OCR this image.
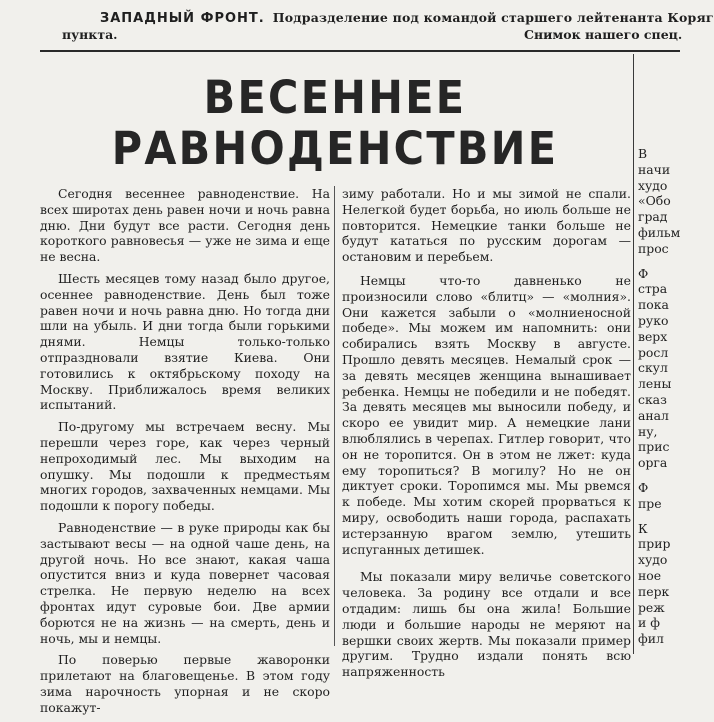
ЗАПАДНЫЙ ФРОНТ. Подразделение под командой старшего лейтенанта Коряг
пункта.	Снимок нашего спец.
ВЕСЕННЕЕ
РАВНОДЕНСТВИЕ

Сегодня весеннее равноденствие. На всех широтах день равен ночи и ночь равна дню. Дни будут все расти. Сегодня день короткого равновесья — уже не зима и еще не весна.

Шесть месяцев тому назад было другое, осеннее равноденствие. День был тоже равен ночи и ночь равна дню. Но тогда дни шли на убыль. И дни тогда были горькими днями. Немцы только-только отпраздновали взятие Киева. Они готовились к октябрьскому походу на Москву. Приближалось время великих испытаний.

По-другому мы встречаем весну. Мы перешли через горе, как через черный непроходимый лес. Мы выходим на опушку. Мы подошли к предместьям многих городов, захваченных немцами. Мы подошли к порогу победы.

Равноденствие — в руке природы как бы застывают весы — на одной чаше день, на другой ночь. Но все знают, какая чаша опустится вниз и куда повернет часовая стрелка. Не первую неделю на всех фронтах идут суровые бои. Две армии борются не на жизнь — на смерть, день и ночь, мы и немцы.

По поверью первые жаворонки прилетают на благовещенье. В этом году зима нарочность упорная и не скоро покажут-

зиму работали. Но и мы зимой не спали. Нелегкой будет борьба, но июль больше не повторится. Немецкие танки больше не будут кататься по русским дорогам — остановим и перебьем.

Немцы что-то давненько не произносили слово «блитц» — «молния». Они кажется забыли о «молниеносной победе». Мы можем им напомнить: они собирались взять Москву в августе. Прошло девять месяцев. Немалый срок — за девять месяцев женщина вынашивает ребенка. Немцы не победили и не победят. За девять месяцев мы выносили победу, и скоро ее увидит мир. А немецкие лани влюблялись в черепах. Гитлер говорит, что он не торопится. Он в этом не лжет: куда ему торопиться? В могилу? Но не он диктует сроки. Торопимся мы. Мы рвемся к победе. Мы хотим скорей прорваться к миру, освободить наши города, распахать истерзанную врагом землю, утешить испуганных детишек.

Мы показали миру величье советского человека. За родину все отдали и все отдадим: лишь бы она жила! Большие люди и большие народы не меряют на вершки своих жертв. Мы показали пример другим. Трудно издали понять всю напряженность

В
начи
худо
«Обо
град
фильм
прос
Ф
стра
пока
руко
верх
росл
скул
лены
сказ
анал
ну,
прис
орга
Ф
пре
К
прир
худо
ное
перк
реж
и ф
фил
